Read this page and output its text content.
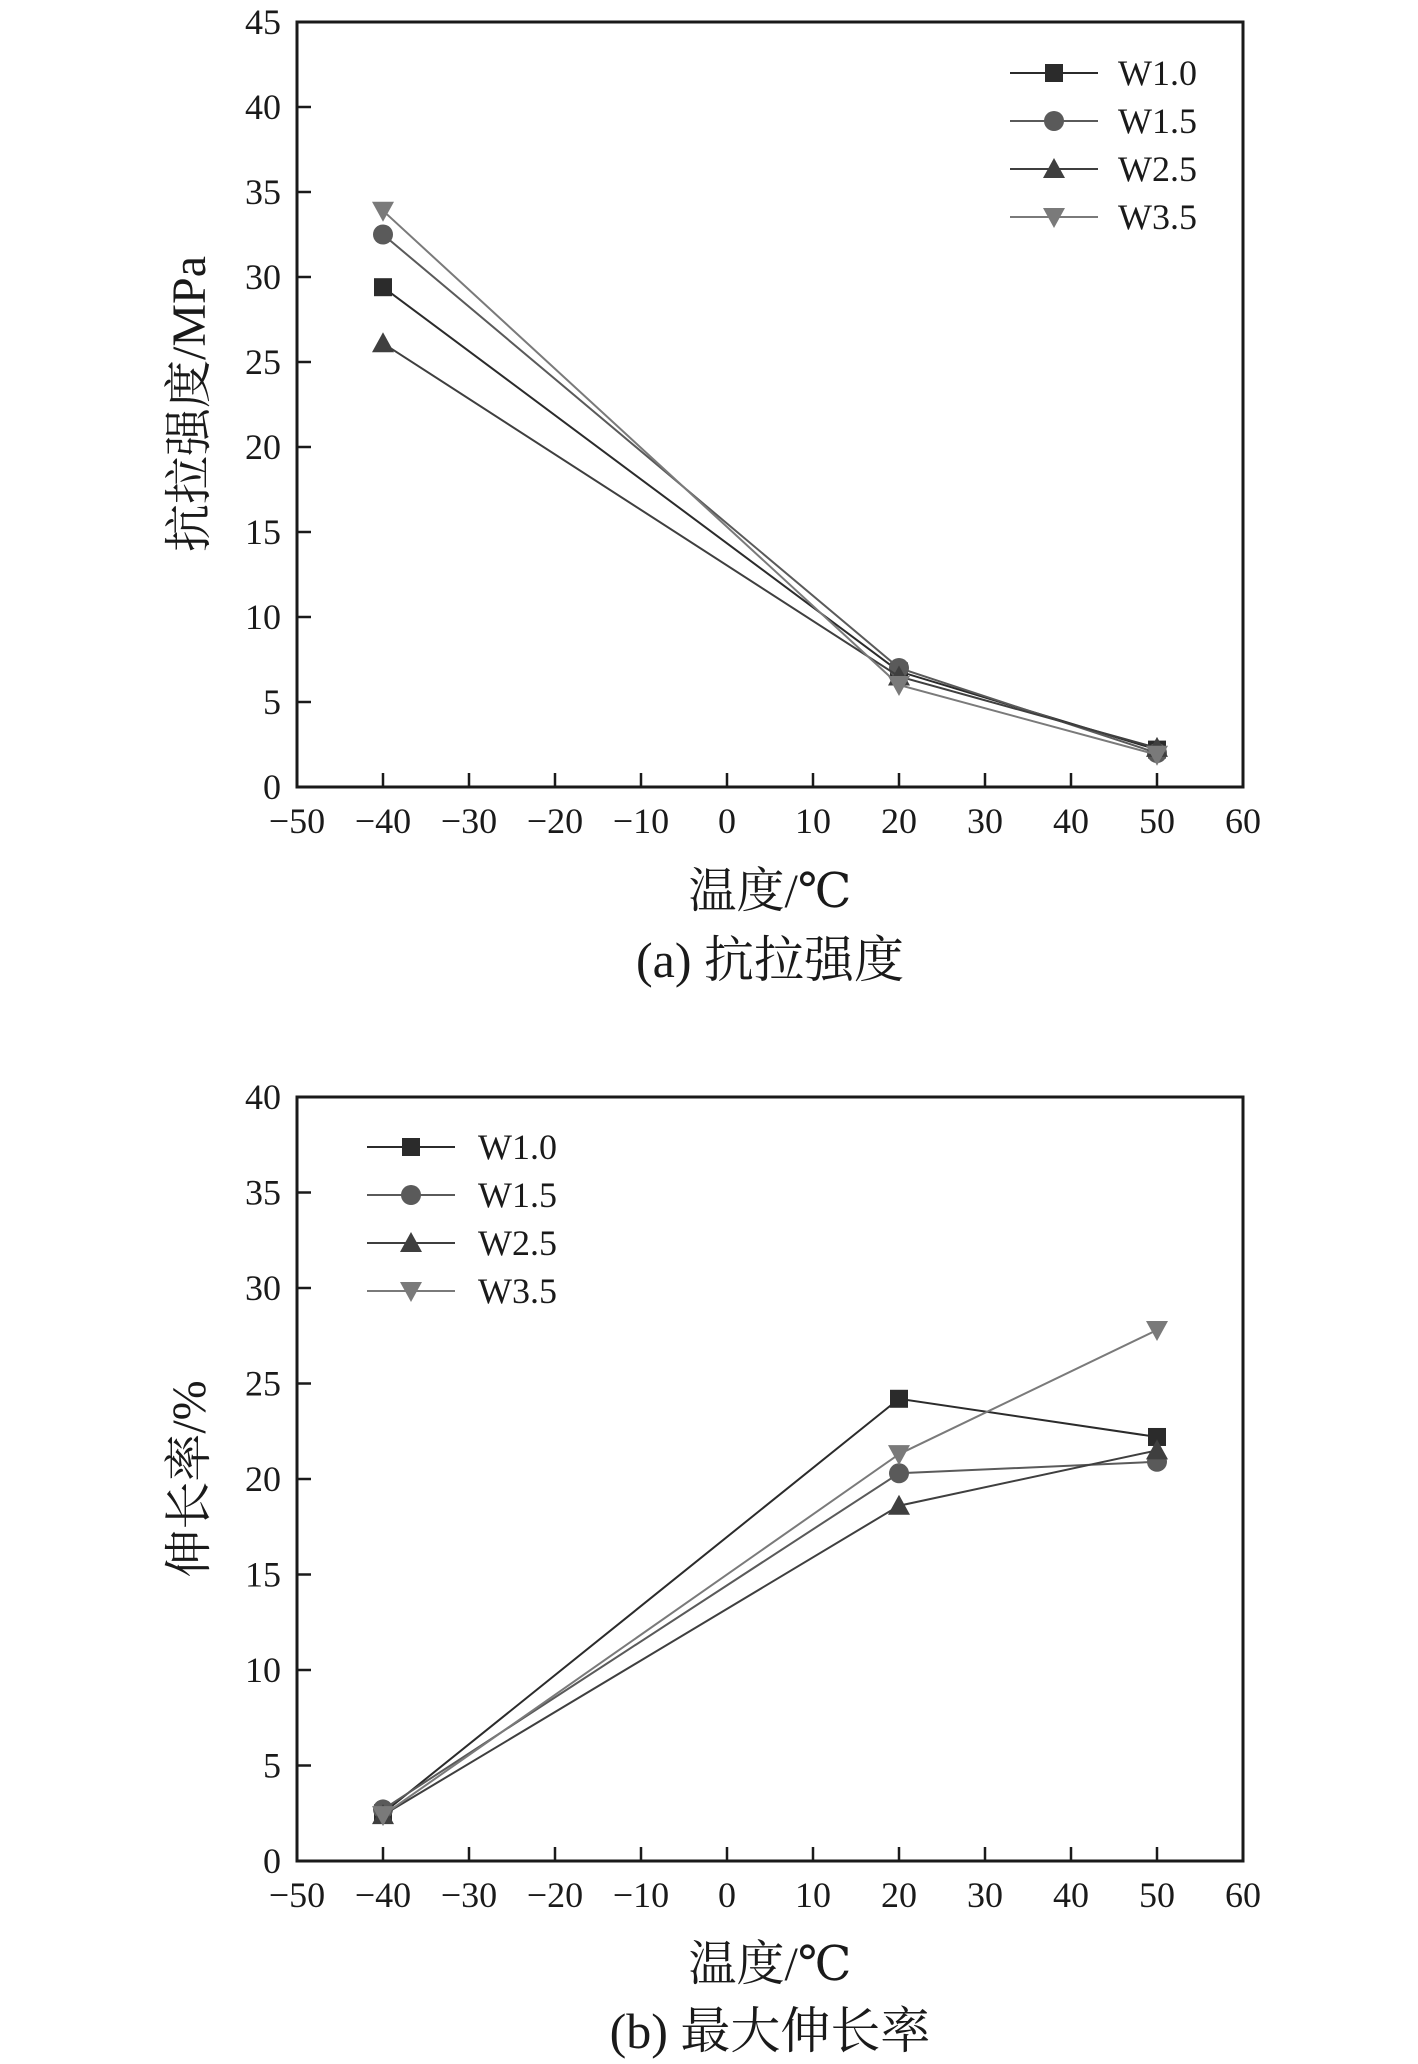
−50 −40 −30 −20 −10 0 10 20 30 40 50 60
0
5
10
15
20
25
30
35
40
45
W1.0
W1.5
W2.5
W3.5
温度/℃
抗拉强度/MPa
(a) 抗拉强度
−50 −40 −30 −20 −10 0 10 20 30 40 50 60
0
5
10
15
20
25
30
35
40
W1.0
W1.5
W2.5
W3.5
温度/℃
伸长率/%
(b) 最大伸长率
